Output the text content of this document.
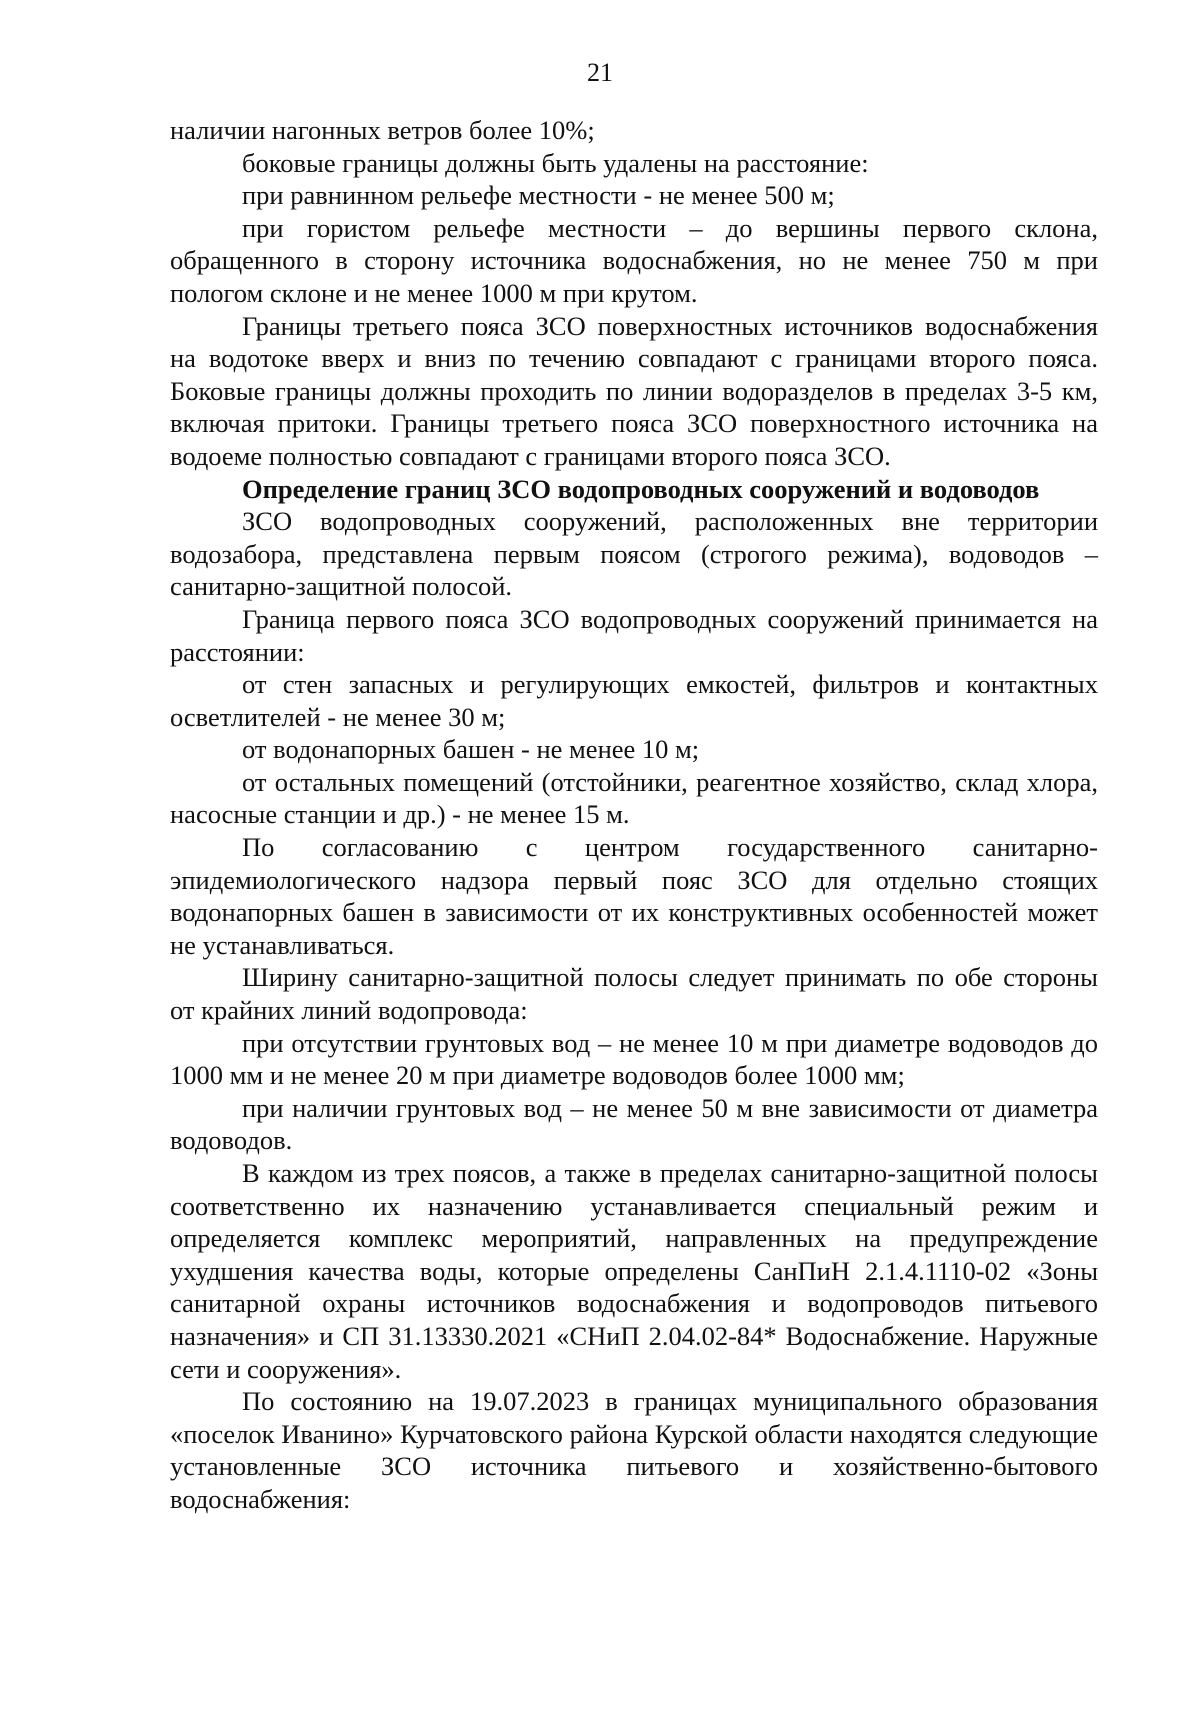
21

наличии нагонных ветров более 10%;

боковые границы должны быть удалены на расстояние:

при равнинном рельефе местности - не менее 500 м;

при гористом рельефе местности – до вершины первого склона, обращенного в сторону источника водоснабжения, но не менее 750 м при пологом склоне и не менее 1000 м при крутом.

Границы третьего пояса ЗСО поверхностных источников водоснабжения на водотоке вверх и вниз по течению совпадают с границами второго пояса. Боковые границы должны проходить по линии водоразделов в пределах 3-5 км, включая притоки. Границы третьего пояса ЗСО поверхностного источника на водоеме полностью совпадают с границами второго пояса ЗСО.

Определение границ ЗСО водопроводных сооружений и водоводов

ЗСО водопроводных сооружений, расположенных вне территории водозабора, представлена первым поясом (строгого режима), водоводов – санитарно-защитной полосой.

Граница первого пояса ЗСО водопроводных сооружений принимается на расстоянии:

от стен запасных и регулирующих емкостей, фильтров и контактных осветлителей - не менее 30 м;

от водонапорных башен - не менее 10 м;

от остальных помещений (отстойники, реагентное хозяйство, склад хлора, насосные станции и др.) - не менее 15 м.

По согласованию с центром государственного санитарно-эпидемиологического надзора первый пояс ЗСО для отдельно стоящих водонапорных башен в зависимости от их конструктивных особенностей может не устанавливаться.

Ширину санитарно-защитной полосы следует принимать по обе стороны от крайних линий водопровода:

при отсутствии грунтовых вод – не менее 10 м при диаметре водоводов до 1000 мм и не менее 20 м при диаметре водоводов более 1000 мм;

при наличии грунтовых вод – не менее 50 м вне зависимости от диаметра водоводов.

В каждом из трех поясов, а также в пределах санитарно-защитной полосы соответственно их назначению устанавливается специальный режим и определяется комплекс мероприятий, направленных на предупреждение ухудшения качества воды, которые определены СанПиН 2.1.4.1110-02 «Зоны санитарной охраны источников водоснабжения и водопроводов питьевого назначения» и СП 31.13330.2021 «СНиП 2.04.02-84* Водоснабжение. Наружные сети и сооружения».

По состоянию на 19.07.2023 в границах муниципального образования «поселок Иванино» Курчатовского района Курской области находятся следующие установленные ЗСО источника питьевого и хозяйственно-бытового водоснабжения:
